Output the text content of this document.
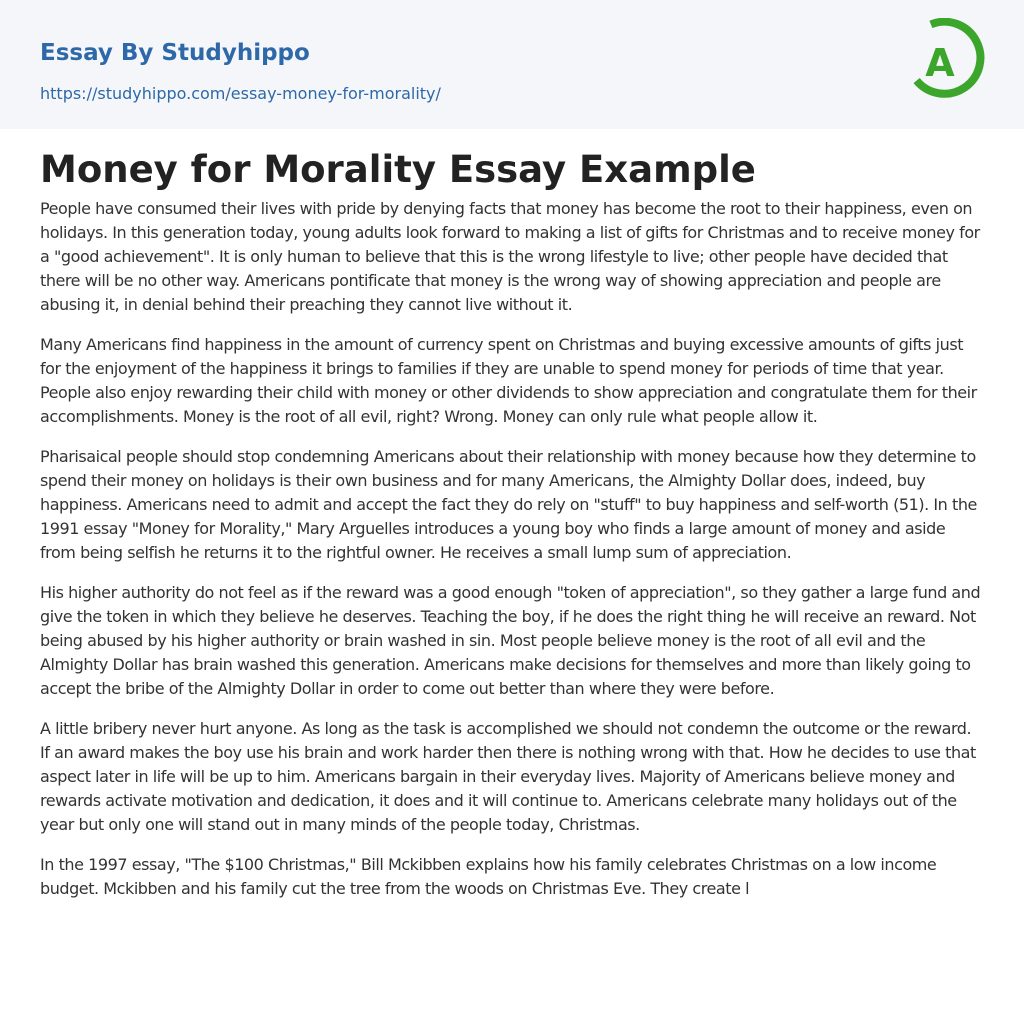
Essay By Studyhippo
https://studyhippo.com/essay-money-for-morality/
A
Money for Morality Essay Example

People have consumed their lives with pride by denying facts that money has become the root to their happiness, even on holidays. In this generation today, young adults look forward to making a list of gifts for Christmas and to receive money for a "good achievement". It is only human to believe that this is the wrong lifestyle to live; other people have decided that there will be no other way. Americans pontificate that money is the wrong way of showing appreciation and people are abusing it, in denial behind their preaching they cannot live without it.

Many Americans find happiness in the amount of currency spent on Christmas and buying excessive amounts of gifts just for the enjoyment of the happiness it brings to families if they are unable to spend money for periods of time that year. People also enjoy rewarding their child with money or other dividends to show appreciation and congratulate them for their accomplishments. Money is the root of all evil, right? Wrong. Money can only rule what people allow it.

Pharisaical people should stop condemning Americans about their relationship with money because how they determine to spend their money on holidays is their own business and for many Americans, the Almighty Dollar does, indeed, buy happiness. Americans need to admit and accept the fact they do rely on "stuff" to buy happiness and self-worth (51). In the 1991 essay "Money for Morality," Mary Arguelles introduces a young boy who finds a large amount of money and aside from being selfish he returns it to the rightful owner. He receives a small lump sum of appreciation.

His higher authority do not feel as if the reward was a good enough "token of appreciation", so they gather a large fund and give the token in which they believe he deserves. Teaching the boy, if he does the right thing he will receive an reward. Not being abused by his higher authority or brain washed in sin. Most people believe money is the root of all evil and the Almighty Dollar has brain washed this generation. Americans make decisions for themselves and more than likely going to accept the bribe of the Almighty Dollar in order to come out better than where they were before.

A little bribery never hurt anyone. As long as the task is accomplished we should not condemn the outcome or the reward. If an award makes the boy use his brain and work harder then there is nothing wrong with that. How he decides to use that aspect later in life will be up to him. Americans bargain in their everyday lives. Majority of Americans believe money and rewards activate motivation and dedication, it does and it will continue to. Americans celebrate many holidays out of the year but only one will stand out in many minds of the people today, Christmas.

In the 1997 essay, "The $100 Christmas," Bill Mckibben explains how his family celebrates Christmas on a low income budget. Mckibben and his family cut the tree from the woods on Christmas Eve. They create l
